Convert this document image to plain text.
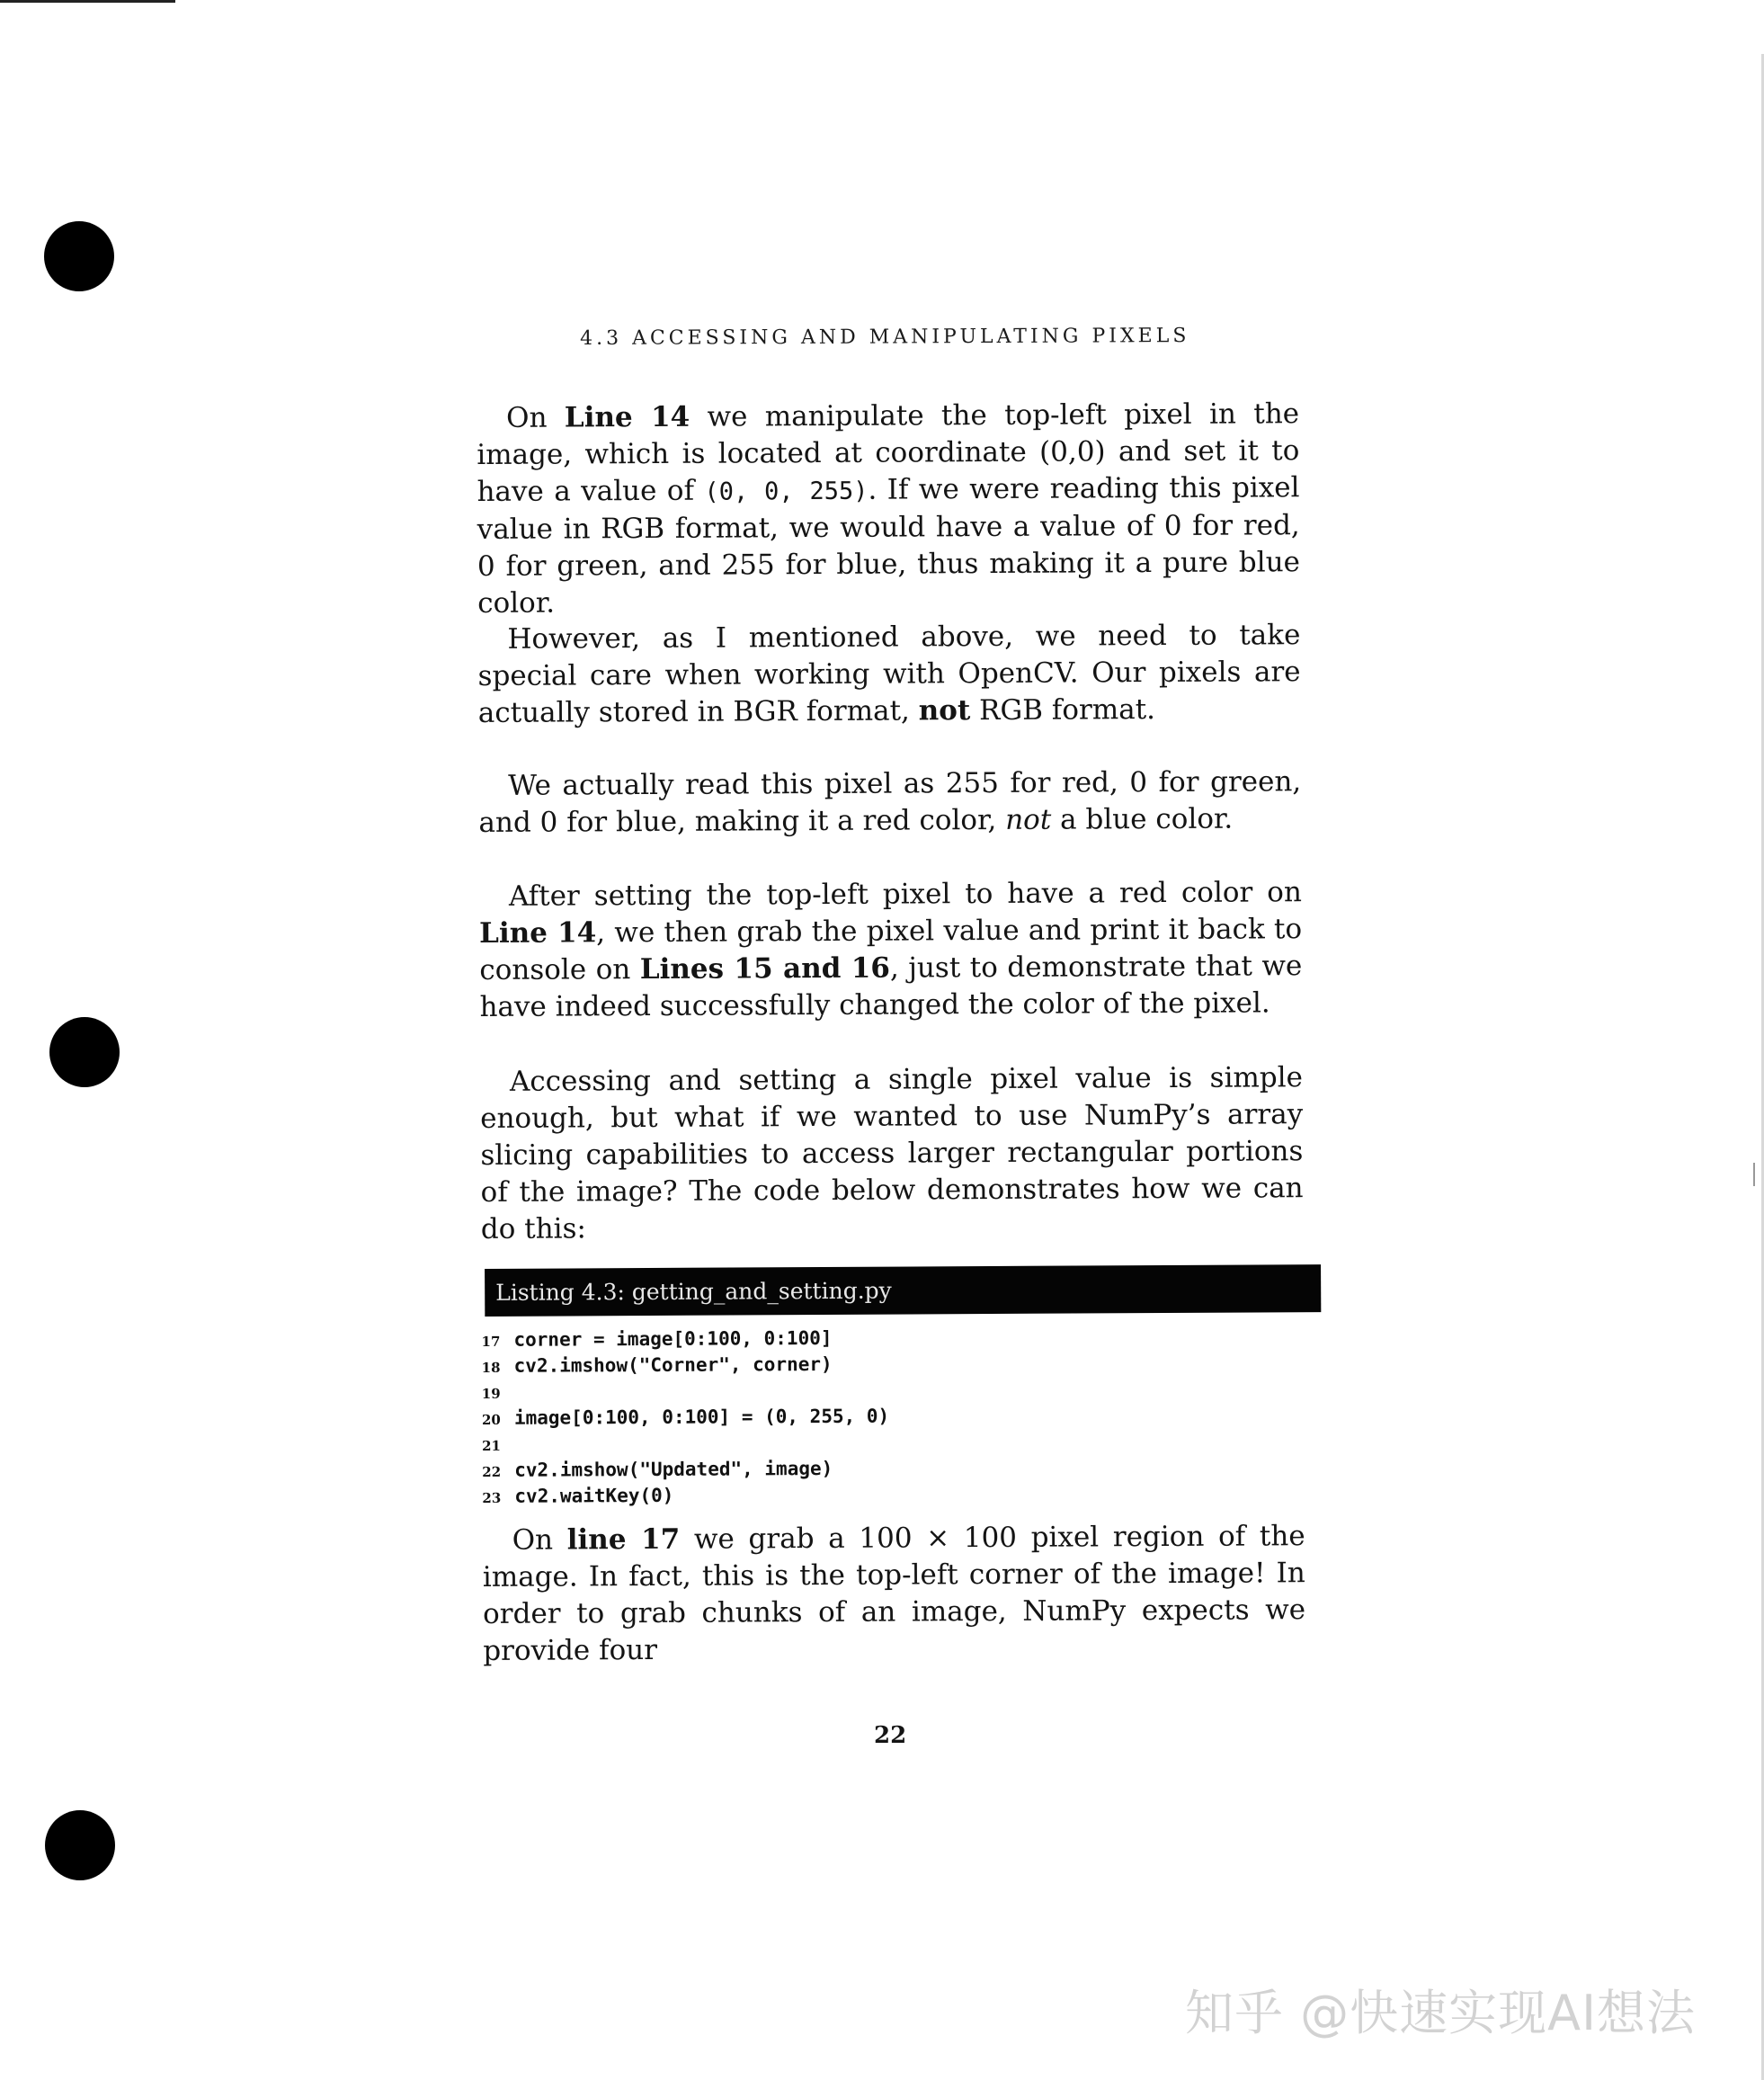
4.3 ACCESSING AND MANIPULATING PIXELS

On Line 14 we manipulate the top-left pixel in the image, which is located at coordinate (0,0) and set it to have a value of (0, 0, 255). If we were reading this pixel value in RGB format, we would have a value of 0 for red, 0 for green, and 255 for blue, thus making it a pure blue color.

However, as I mentioned above, we need to take special care when working with OpenCV. Our pixels are actually stored in BGR format, not RGB format.

We actually read this pixel as 255 for red, 0 for green, and 0 for blue, making it a red color, not a blue color.

After setting the top-left pixel to have a red color on Line 14, we then grab the pixel value and print it back to console on Lines 15 and 16, just to demonstrate that we have indeed successfully changed the color of the pixel.

Accessing and setting a single pixel value is simple enough, but what if we wanted to use NumPy’s array slicing capabilities to access larger rectangular portions of the image? The code below demonstrates how we can do this:

Listing 4.3: getting_and_setting.py
17 corner = image[0:100, 0:100]
18 cv2.imshow("Corner", corner)
19
20 image[0:100, 0:100] = (0, 255, 0)
21
22 cv2.imshow("Updated", image)
23 cv2.waitKey(0)

On line 17 we grab a 100 × 100 pixel region of the image. In fact, this is the top-left corner of the image! In order to grab chunks of an image, NumPy expects we provide four

22
知乎 @快速实现AI想法
